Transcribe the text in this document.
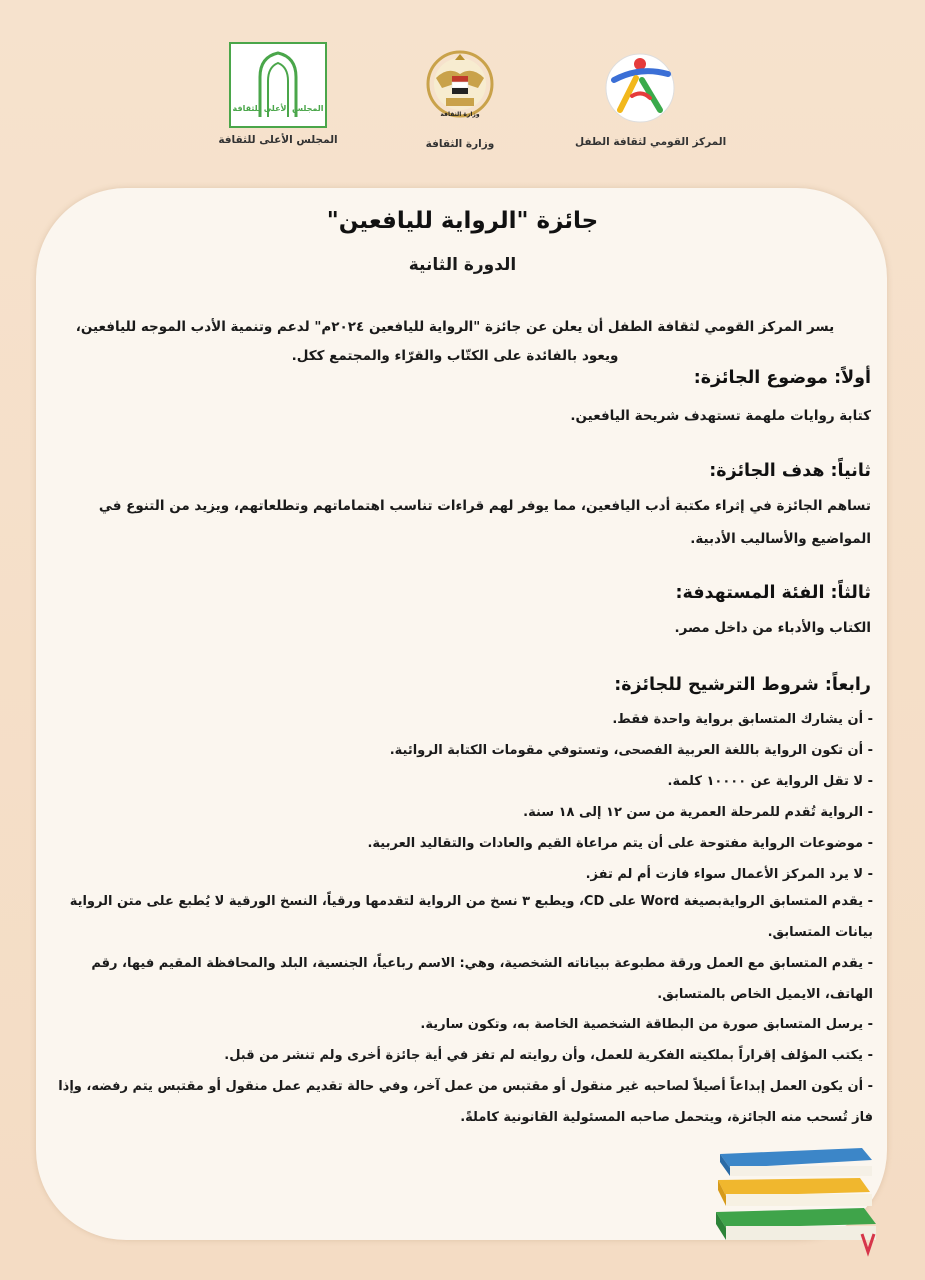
المجلس الأعلى للثقافة
المجلس الأعلى للثقافة
وزارة الثقافة
وزارة الثقافة	المركز القومي لثقافة الطفل
جائزة "الرواية لليافعين"
الدورة الثانية
يسر المركز القومي لثقافة الطفل أن يعلن عن جائزة "الرواية لليافعين ٢٠٢٤م" لدعم وتنمية الأدب الموجه لليافعين،
ويعود بالفائدة على الكتّاب والقرّاء والمجتمع ككل.
أولاً: موضوع الجائزة:
كتابة روايات ملهمة تستهدف شريحة اليافعين.
ثانياً: هدف الجائزة:
تساهم الجائزة في إثراء مكتبة أدب اليافعين، مما يوفر لهم قراءات تناسب اهتماماتهم وتطلعاتهم، ويزيد من التنوع في المواضيع والأساليب الأدبية.
ثالثاً: الفئة المستهدفة:
الكتاب والأدباء من داخل مصر.
رابعاً: شروط الترشيح للجائزة:
- أن يشارك المتسابق برواية واحدة فقط.
- أن تكون الرواية باللغة العربية الفصحى، وتستوفي مقومات الكتابة الروائية.
- لا تقل الرواية عن ١٠٠٠٠ كلمة.
- الرواية تُقدم للمرحلة العمرية من سن ١٢ إلى ١٨ سنة.
- موضوعات الرواية مفتوحة على أن يتم مراعاة القيم والعادات والتقاليد العربية.
- لا يرد المركز الأعمال سواء فازت أم لم تفز.
- يقدم المتسابق الروايةبصيغة Word على CD، ويطبع ٣ نسخ من الرواية لتقدمها ورقياً، النسخ الورقية لا يُطبع على متن الرواية بيانات المتسابق.
- يقدم المتسابق مع العمل ورقة مطبوعة ببياناته الشخصية، وهي: الاسم رباعياً، الجنسية، البلد والمحافظة المقيم فيها، رقم الهاتف، الايميل الخاص بالمتسابق.
- يرسل المتسابق صورة من البطاقة الشخصية الخاصة به، وتكون سارية.
- يكتب المؤلف إقراراً بملكيته الفكرية للعمل، وأن روايته لم تفز في أية جائزة أخرى ولم تنشر من قبل.
- أن يكون العمل إبداعاً أصيلاً لصاحبه غير منقول أو مقتبس من عمل آخر، وفي حالة تقديم عمل منقول أو مقتبس يتم رفضه، وإذا فاز تُسحب منه الجائزة، ويتحمل صاحبه المسئولية القانونية كاملةً.
